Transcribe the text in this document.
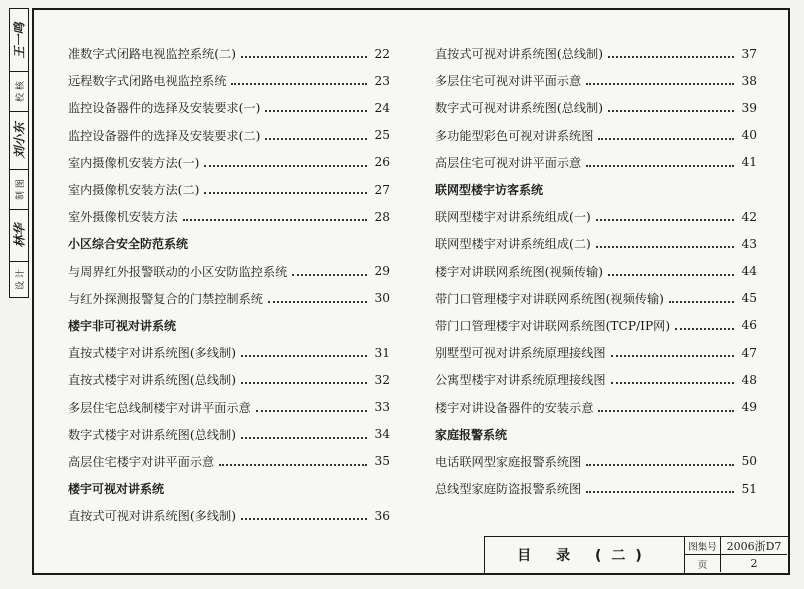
王一鸣
校 核
刘小东
制 图
林华
设 计
准数字式闭路电视监控系统(二)	22
远程数字式闭路电视监控系统	23
监控设备器件的选择及安装要求(一)	24
监控设备器件的选择及安装要求(二)	25
室内摄像机安装方法(一)	26
室内摄像机安装方法(二)	27
室外摄像机安装方法	28
小区综合安全防范系统
与周界红外报警联动的小区安防监控系统	29
与红外探测报警复合的门禁控制系统	30
楼宇非可视对讲系统
直按式楼宇对讲系统图(多线制)	31
直按式楼宇对讲系统图(总线制)	32
多层住宅总线制楼宇对讲平面示意	33
数字式楼宇对讲系统图(总线制)	34
高层住宅楼宇对讲平面示意	35
楼宇可视对讲系统
直按式可视对讲系统图(多线制)	36
直按式可视对讲系统图(总线制)	37
多层住宅可视对讲平面示意	38
数字式可视对讲系统图(总线制)	39
多功能型彩色可视对讲系统图	40
高层住宅可视对讲平面示意	41
联网型楼宇访客系统
联网型楼宇对讲系统组成(一)	42
联网型楼宇对讲系统组成(二)	43
楼宇对讲联网系统图(视频传输)	44
带门口管理楼宇对讲联网系统图(视频传输)	45
带门口管理楼宇对讲联网系统图(TCP/IP网)	46
别墅型可视对讲系统原理接线图	47
公寓型楼宇对讲系统原理接线图	48
楼宇对讲设备器件的安装示意	49
家庭报警系统
电话联网型家庭报警系统图	50
总线型家庭防盗报警系统图	51
目 录 (二)
图集号 2006浙D7
页	2
